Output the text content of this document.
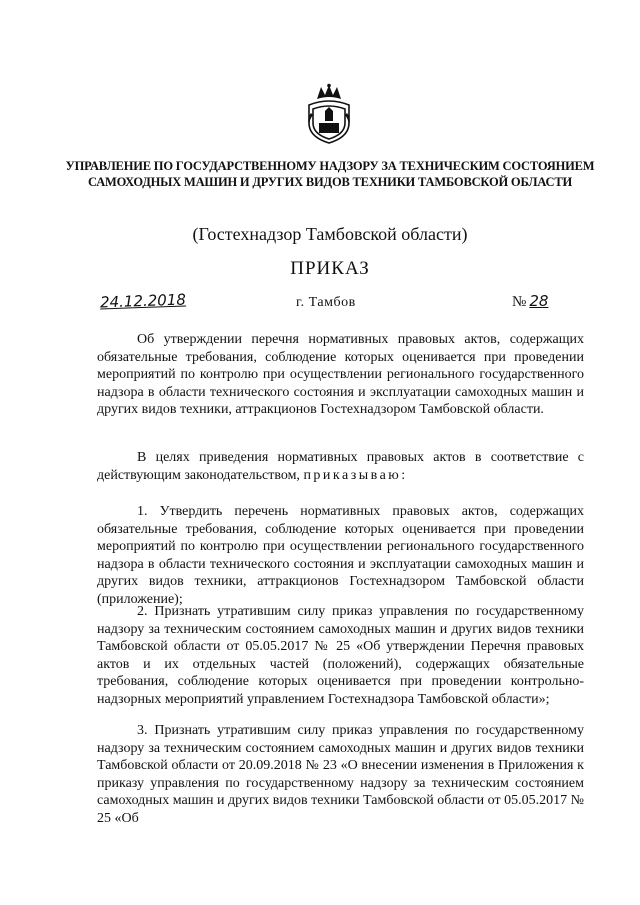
УПРАВЛЕНИЕ ПО ГОСУДАРСТВЕННОМУ НАДЗОРУ ЗА ТЕХНИЧЕСКИМ СОСТОЯНИЕМ САМОХОДНЫХ МАШИН И ДРУГИХ ВИДОВ ТЕХНИКИ ТАМБОВСКОЙ ОБЛАСТИ
(Гостехнадзор Тамбовской области)
ПРИКАЗ
24.12.2018	г. Тамбов	№ 28
Об утверждении перечня нормативных правовых актов, содержащих обязательные требования, соблюдение которых оценивается при проведении мероприятий по контролю при осуществлении регионального государственного надзора в области технического состояния и эксплуатации самоходных машин и других видов техники, аттракционов Гостехнадзором Тамбовской области.
В целях приведения нормативных правовых актов в соответствие с действующим законодательством, приказываю:
1. Утвердить перечень нормативных правовых актов, содержащих обязательные требования, соблюдение которых оценивается при проведении мероприятий по контролю при осуществлении регионального государственного надзора в области технического состояния и эксплуатации самоходных машин и других видов техники, аттракционов Гостехнадзором Тамбовской области (приложение);
2. Признать утратившим силу приказ управления по государственному надзору за техническим состоянием самоходных машин и других видов техники Тамбовской области от 05.05.2017 № 25 «Об утверждении Перечня правовых актов и их отдельных частей (положений), содержащих обязательные требования, соблюдение которых оценивается при проведении контрольно-надзорных мероприятий управлением Гостехнадзора Тамбовской области»;
3. Признать утратившим силу приказ управления по государственному надзору за техническим состоянием самоходных машин и других видов техники Тамбовской области от 20.09.2018 № 23 «О внесении изменения в Приложения к приказу управления по государственному надзору за техническим состоянием самоходных машин и других видов техники Тамбовской области от 05.05.2017 № 25 «Об
